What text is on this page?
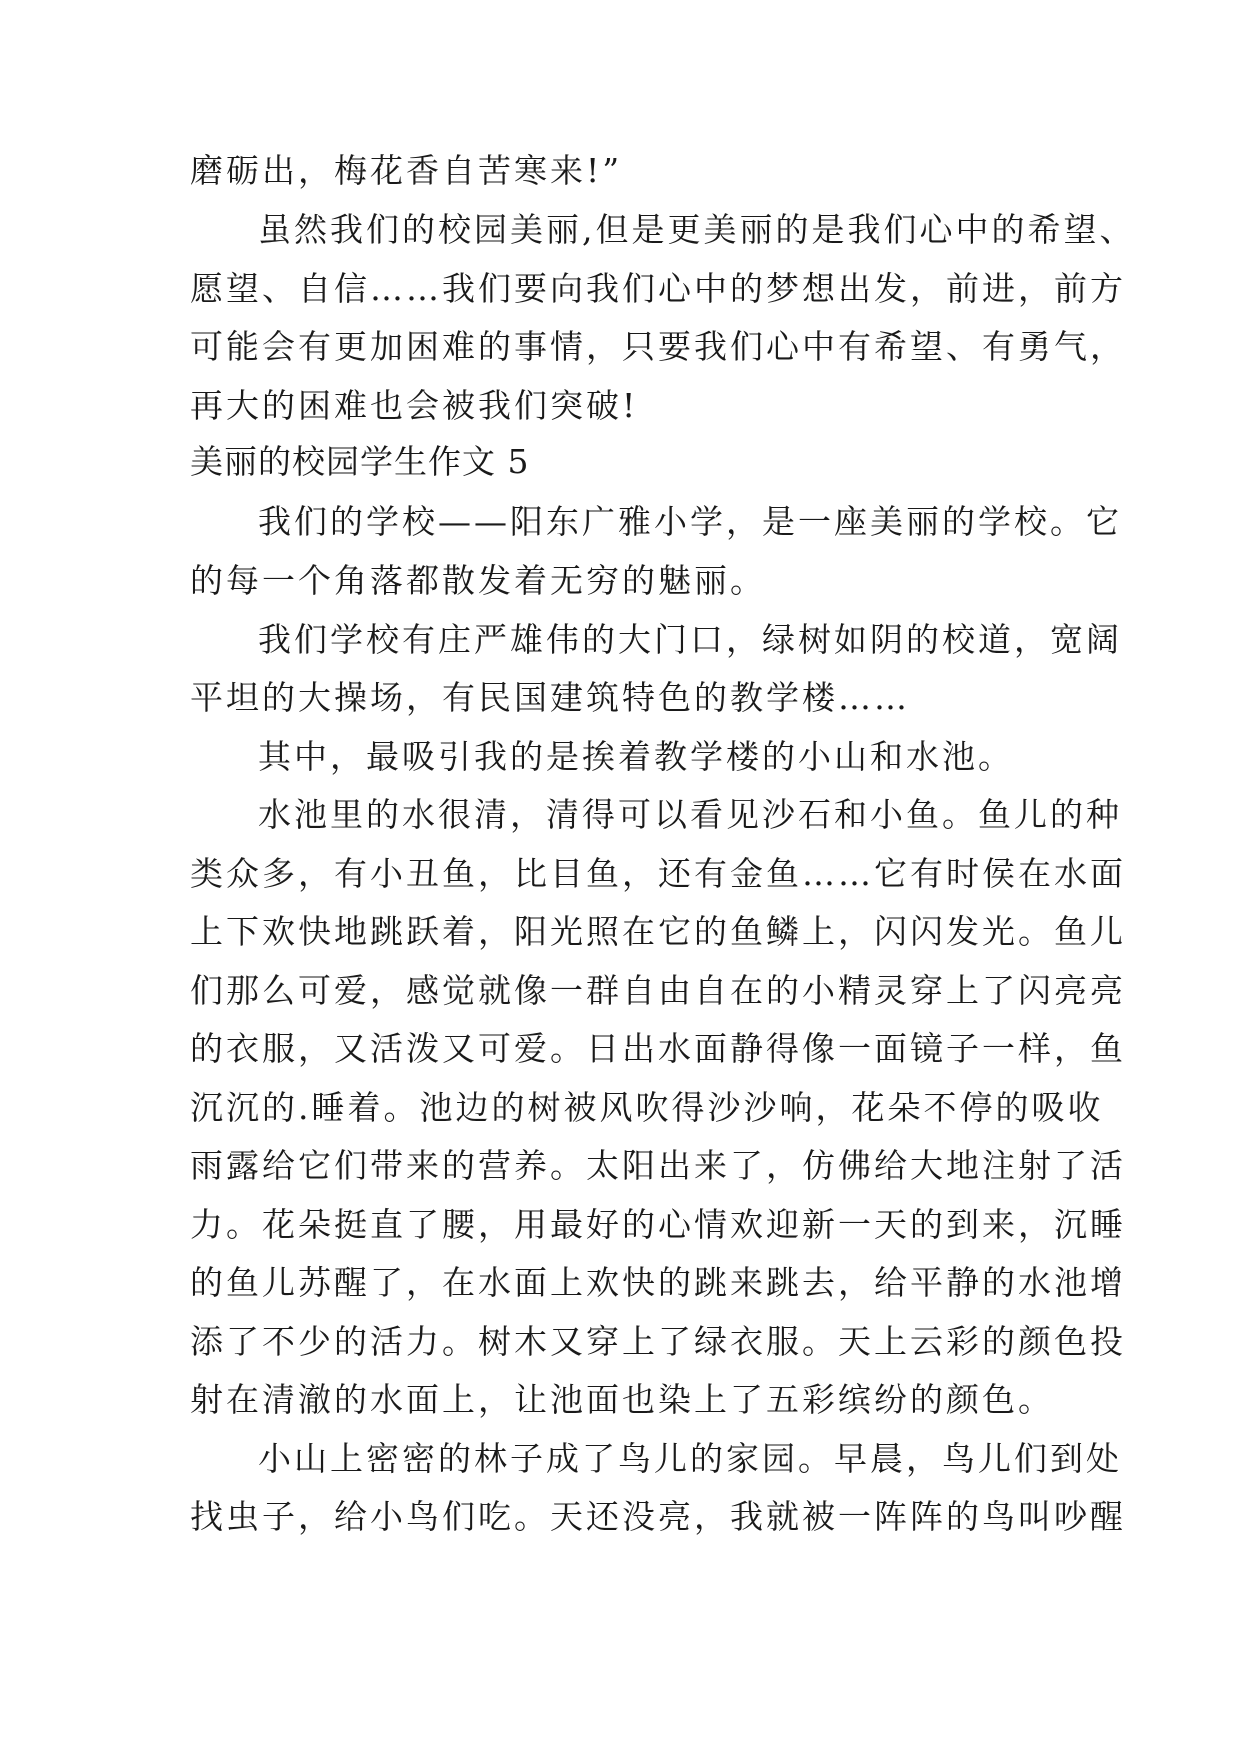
磨砺出，梅花香自苦寒来!”
虽然我们的校园美丽,但是更美丽的是我们心中的希望、
愿望、自信……我们要向我们心中的梦想出发，前进，前方
可能会有更加困难的事情，只要我们心中有希望、有勇气，
再大的困难也会被我们突破!
美丽的校园学生作文 5
我们的学校——阳东广雅小学，是一座美丽的学校。它
的每一个角落都散发着无穷的魅丽。
我们学校有庄严雄伟的大门口，绿树如阴的校道，宽阔
平坦的大操场，有民国建筑特色的教学楼……
其中，最吸引我的是挨着教学楼的小山和水池。
水池里的水很清，清得可以看见沙石和小鱼。鱼儿的种
类众多，有小丑鱼，比目鱼，还有金鱼……它有时侯在水面
上下欢快地跳跃着，阳光照在它的鱼鳞上，闪闪发光。鱼儿
们那么可爱，感觉就像一群自由自在的小精灵穿上了闪亮亮
的衣服，又活泼又可爱。日出水面静得像一面镜子一样，鱼
沉沉的.睡着。池边的树被风吹得沙沙响，花朵不停的吸收
雨露给它们带来的营养。太阳出来了，仿佛给大地注射了活
力。花朵挺直了腰，用最好的心情欢迎新一天的到来，沉睡
的鱼儿苏醒了，在水面上欢快的跳来跳去，给平静的水池增
添了不少的活力。树木又穿上了绿衣服。天上云彩的颜色投
射在清澈的水面上，让池面也染上了五彩缤纷的颜色。
小山上密密的林子成了鸟儿的家园。早晨，鸟儿们到处
找虫子，给小鸟们吃。天还没亮，我就被一阵阵的鸟叫吵醒
